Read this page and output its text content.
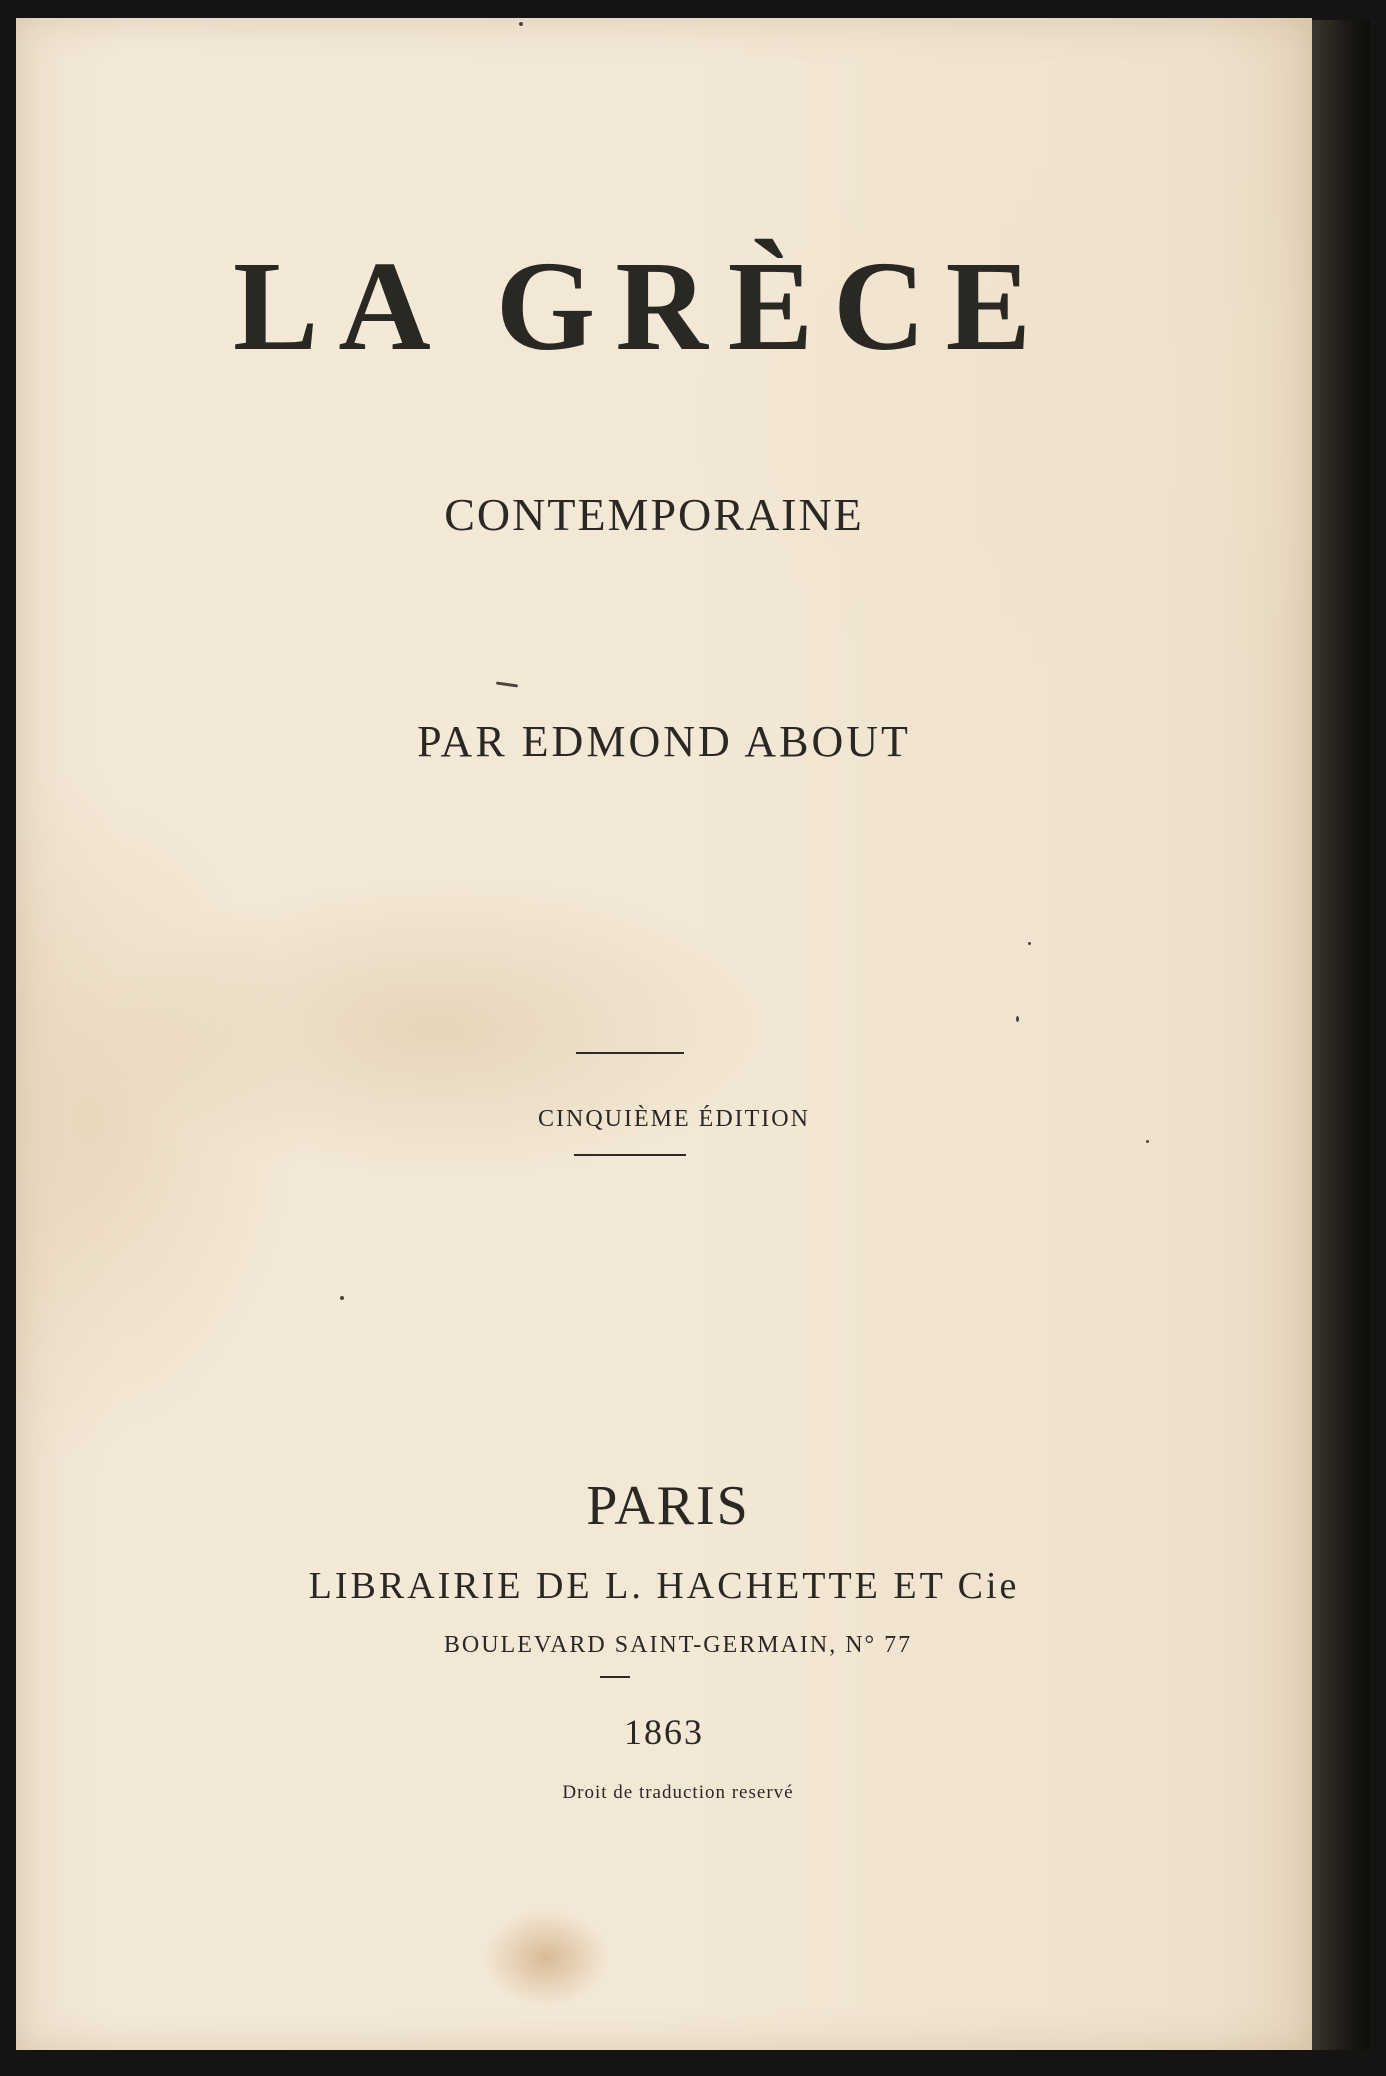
LA GRÈCE
CONTEMPORAINE
PAR EDMOND ABOUT
CINQUIÈME ÉDITION
PARIS
LIBRAIRIE DE L. HACHETTE ET Cie
BOULEVARD SAINT-GERMAIN, N° 77
1863
Droit de traduction reservé
